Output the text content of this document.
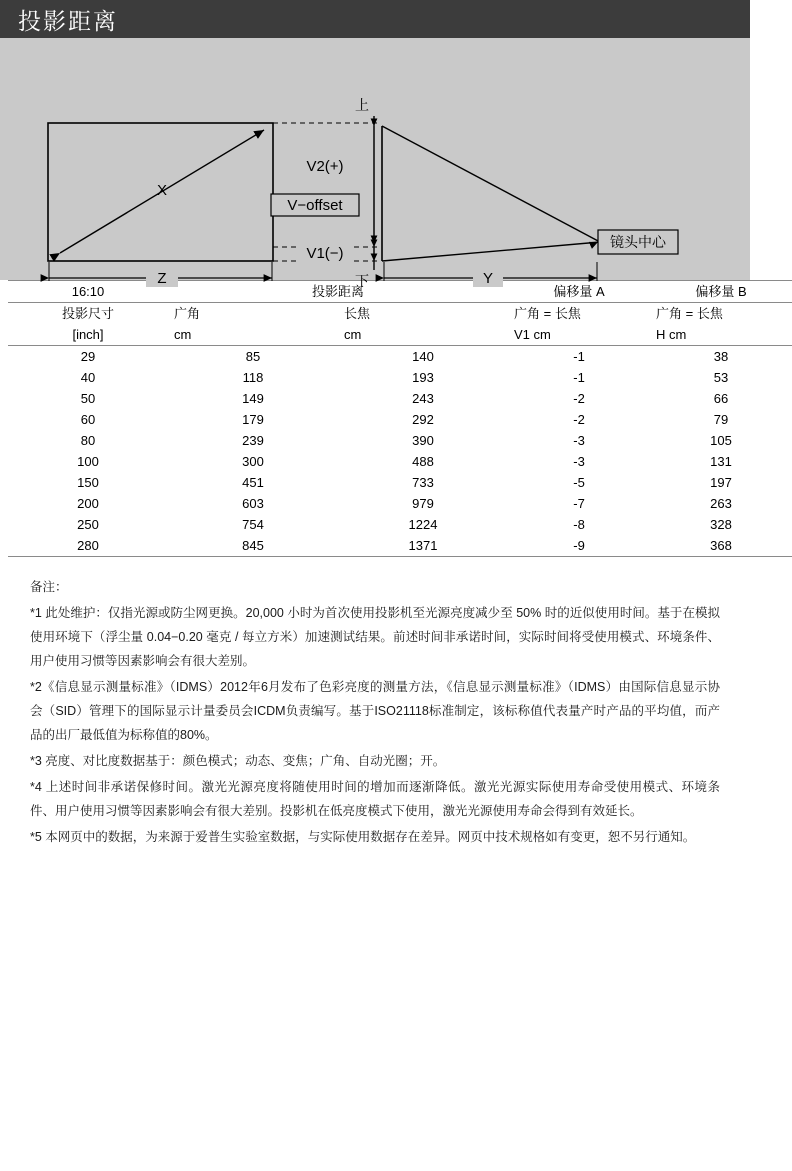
投影距离
X
Z
上
下
V2(+)
V−offset
V1(−)
镜头中心
Y
16:10	投影距离		偏移量 A	偏移量 B
投影尺寸	广角	长焦	广角 = 长焦	广角 = 长焦
[inch]	cm	cm	V1 cm	H cm
29	85	140	-1	38
40	118	193	-1	53
50	149	243	-2	66
60	179	292	-2	79
80	239	390	-3	105
100	300	488	-3	131
150	451	733	-5	197
200	603	979	-7	263
250	754	1224	-8	328
280	845	1371	-9	368

备注：

*1 此处维护：仅指光源或防尘网更换。20,000 小时为首次使用投影机至光源亮度减少至 50% 时的近似使用时间。基于在模拟使用环境下（浮尘量 0.04−0.20 毫克 / 每立方米）加速测试结果。前述时间非承诺时间，实际时间将受使用模式、环境条件、用户使用习惯等因素影响会有很大差别。

*2《信息显示测量标准》（IDMS）2012年6月发布了色彩亮度的测量方法，《信息显示测量标准》（IDMS）由国际信息显示协会（SID）管理下的国际显示计量委员会ICDM负责编写。基于ISO21118标准制定，该标称值代表量产时产品的平均值，而产品的出厂最低值为标称值的80%。

*3 亮度、对比度数据基于：颜色模式；动态、变焦；广角、自动光圈；开。

*4 上述时间非承诺保修时间。激光光源亮度将随使用时间的增加而逐渐降低。激光光源实际使用寿命受使用模式、环境条件、用户使用习惯等因素影响会有很大差别。投影机在低亮度模式下使用，激光光源使用寿命会得到有效延长。

*5 本网页中的数据，为来源于爱普生实验室数据，与实际使用数据存在差异。网页中技术规格如有变更，恕不另行通知。
